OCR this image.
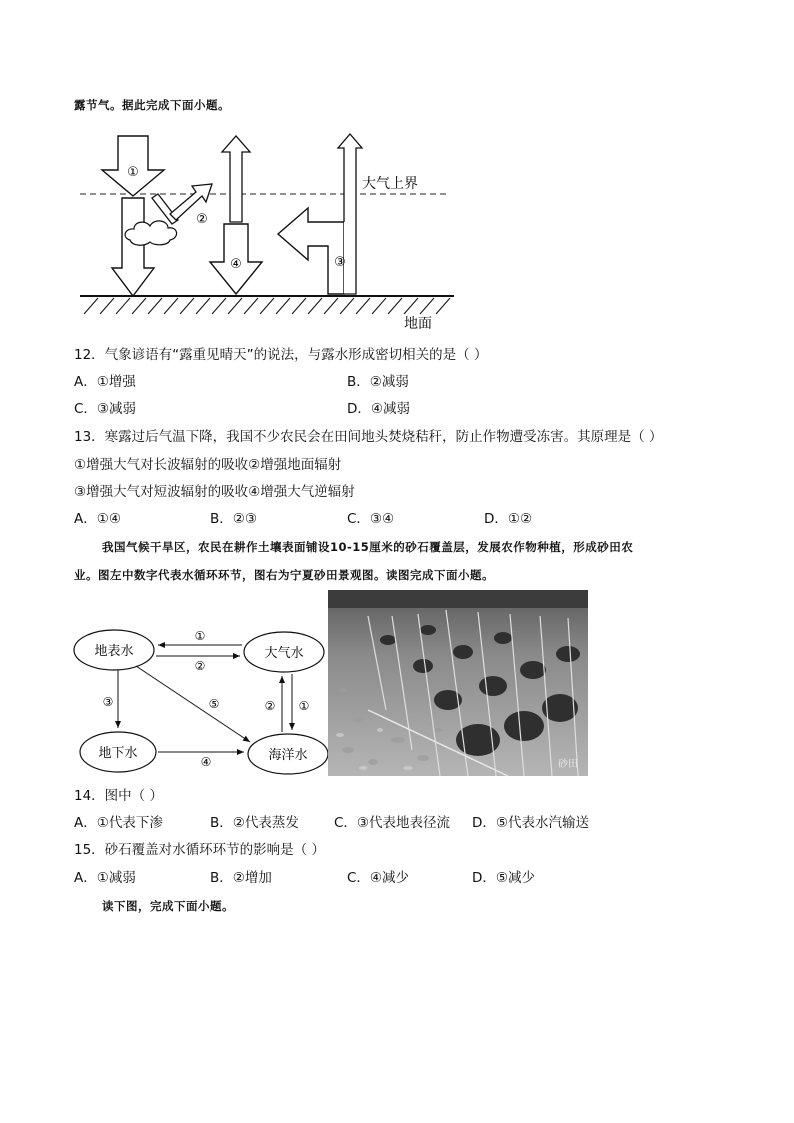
露节气。据此完成下面小题。
①
②
④	③
大气上界
地面
12．气象谚语有“露重见晴天”的说法，与露水形成密切相关的是（ ）
A．①增强	B．②减弱
C．③减弱	D．④减弱
13．寒露过后气温下降，我国不少农民会在田间地头焚烧秸秆，防止作物遭受冻害。其原理是（ ）
①增强大气对长波辐射的吸收②增强地面辐射
③增强大气对短波辐射的吸收④增强大气逆辐射
A．①④	B．②③	C．③④	D．①②
我国气候干旱区，农民在耕作土壤表面铺设10-15厘米的砂石覆盖层，发展农作物种植，形成砂田农
业。图左中数字代表水循环环节，图右为宁夏砂田景观图。读图完成下面小题。
地表水	大气水
地下水	海洋水
①
②
③	⑤
④
② ①
砂田
14．图中（ ）
A．①代表下渗	B．②代表蒸发	C．③代表地表径流 D．⑤代表水汽输送
15．砂石覆盖对水循环环节的影响是（ ）
A．①减弱	B．②增加	C．④减少	D．⑤减少
读下图，完成下面小题。
